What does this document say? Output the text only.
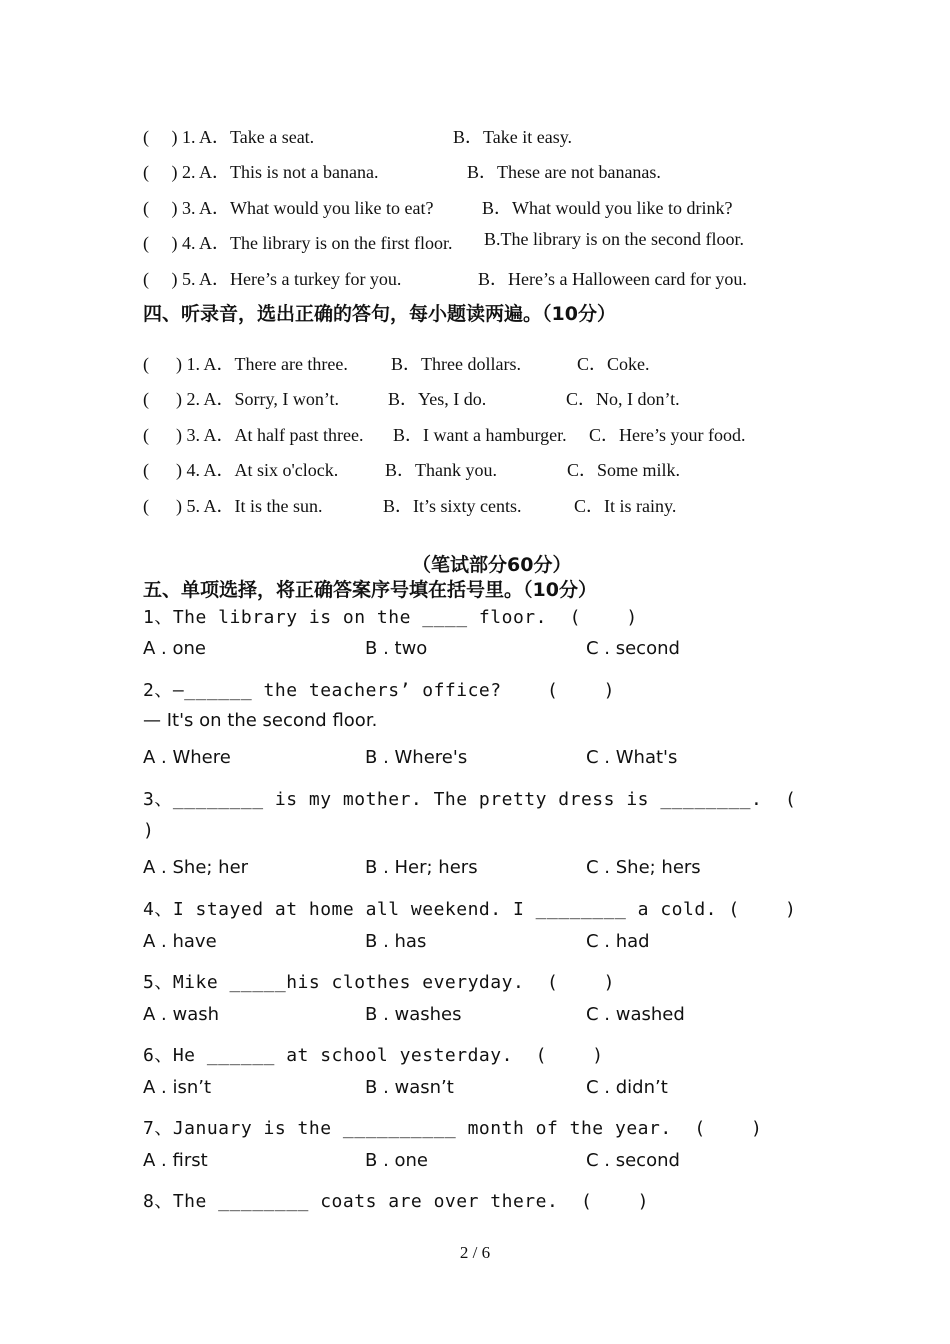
(     ) 1. A．Take a seat.	B．Take it easy.
(     ) 2. A．This is not a banana.	B．These are not bananas.
(     ) 3. A．What would you like to eat?	B．What would you like to drink?
(     ) 4. A．The library is on the first floor. B.The library is on the second floor.
(     ) 5. A．Here’s a turkey for you.	B．Here’s a Halloween card for you.
四、听录音，选出正确的答句，每小题读两遍。（10分）
(      ) 1. A．There are three. B．Three dollars.	C．Coke.
(      ) 2. A．Sorry, I won’t.	B．Yes, I do.	C．No, I don’t.
(      ) 3. A．At half past three. B．I want a hamburger. C．Here’s your food.
(      ) 4. A．At six o'clock.	B．Thank you.	C．Some milk.
(      ) 5. A．It is the sun.	B．It’s sixty cents.	C．It is rainy.
（笔试部分60分）
五、单项选择，将正确答案序号填在括号里。（10分）
1、The library is on the ____ floor.  (    )
A . one	B . two	C . second
2、—______ the teachers’ office?    (    )
— It's on the second floor.
A . Where	B . Where's	C . What's
3、________ is my mother. The pretty dress is ________.  (
)
A . She; her	B . Her; hers	C . She; hers
4、I stayed at home all weekend. I ________ a cold. (    )
A . have	B . has	C . had
5、Mike _____his clothes everyday.  (    )
A . wash	B . washes	C . washed
6、He ______ at school yesterday.  (    )
A . isn’t	B . wasn’t	C . didn’t
7、January is the __________ month of the year.  (    )
A . first	B . one	C . second
8、The ________ coats are over there.  (    )
2 / 6
